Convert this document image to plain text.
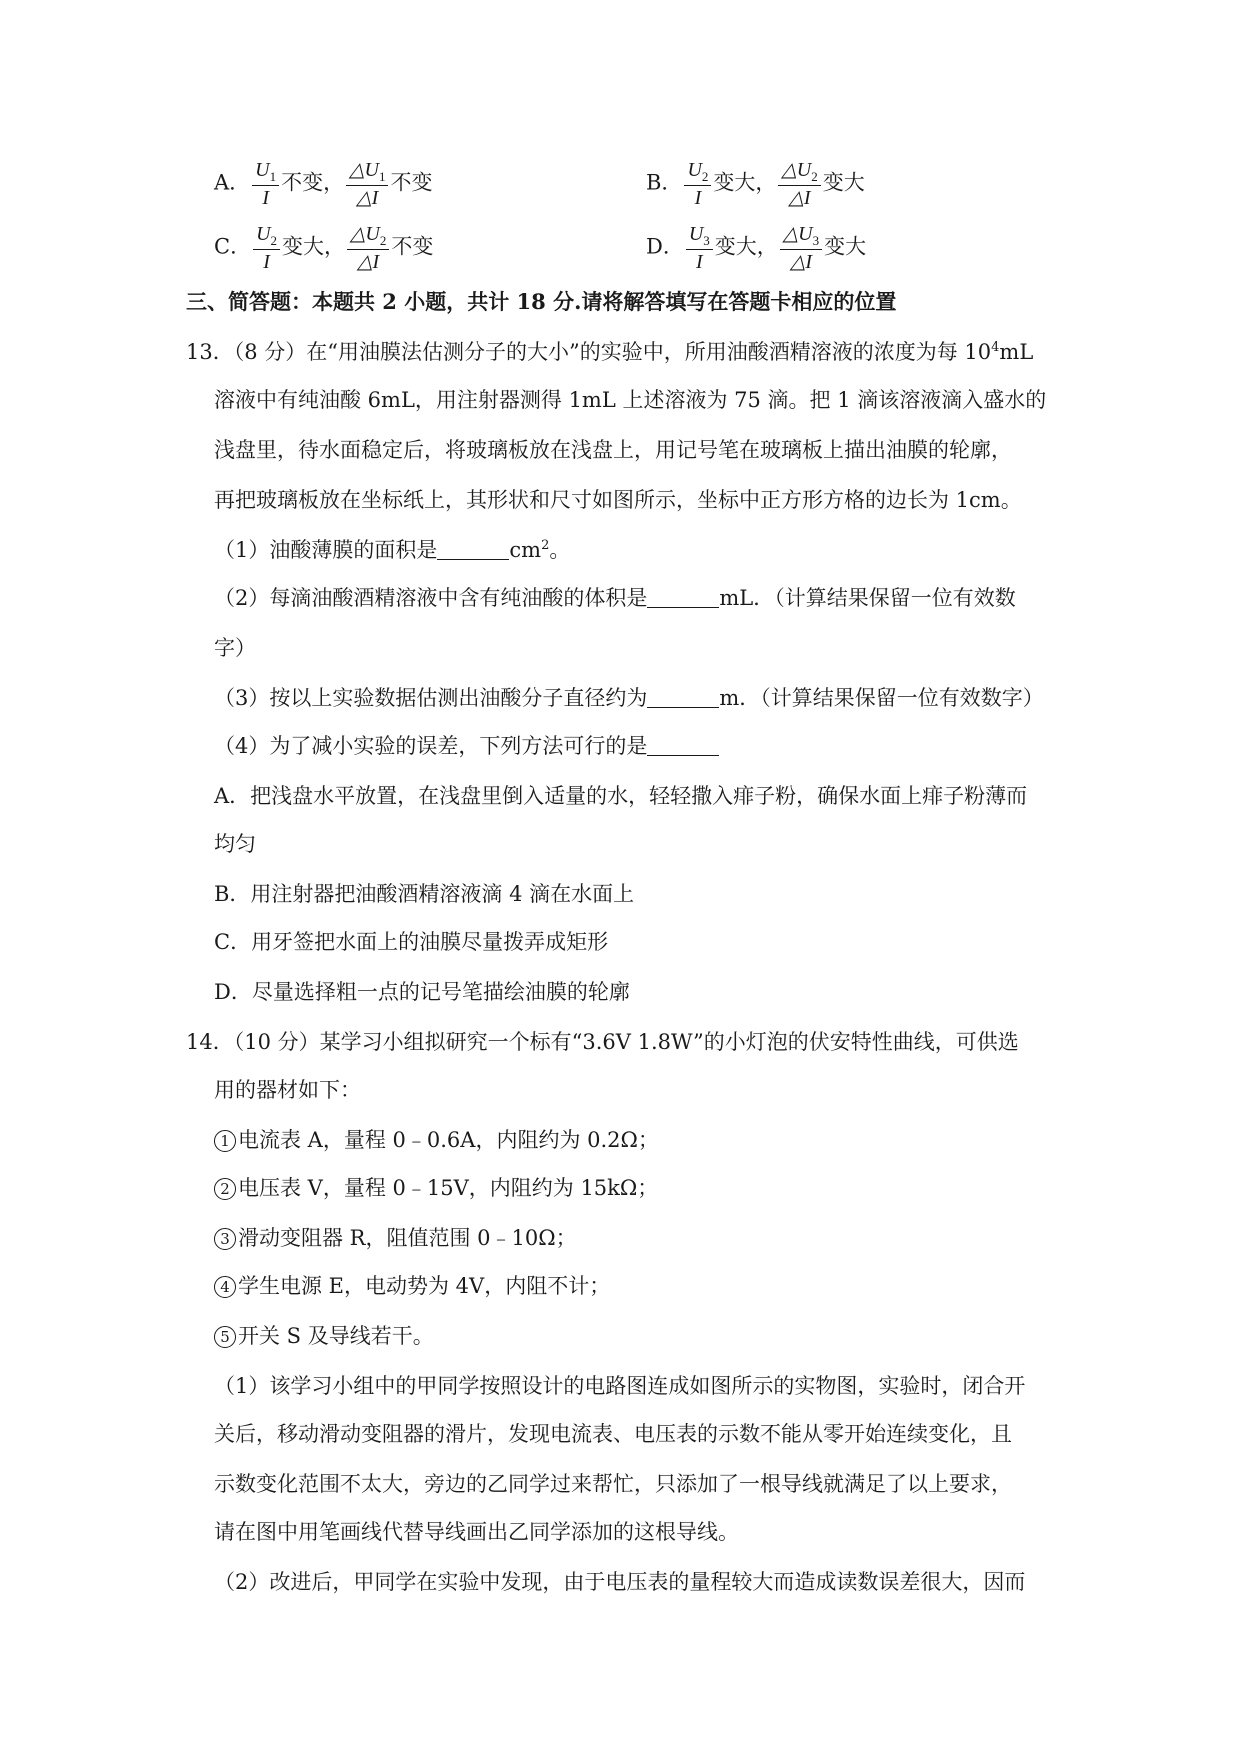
A． $\frac{U_1}{I}$ 不变， $\frac{\triangle U_1}{\triangle I}$ 不变	B． $\frac{U_2}{I}$ 变大， $\frac{\triangle U_2}{\triangle I}$ 变大
C． $\frac{U_2}{I}$ 变大， $\frac{\triangle U_2}{\triangle I}$ 不变	D． $\frac{U_3}{I}$ 变大， $\frac{\triangle U_3}{\triangle I}$ 变大
三、简答题：本题共 2 小题，共计 18 分.请将解答填写在答题卡相应的位置
13．（8 分）在“用油膜法估测分子的大小”的实验中，所用油酸酒精溶液的浓度为每 $10^4mL$
溶液中有纯油酸 6mL，用注射器测得 1mL 上述溶液为 75 滴。把 1 滴该溶液滴入盛水的
浅盘里，待水面稳定后，将玻璃板放在浅盘上，用记号笔在玻璃板上描出油膜的轮廓，
再把玻璃板放在坐标纸上，其形状和尺寸如图所示，坐标中正方形方格的边长为 1cm。
（1）油酸薄膜的面积是	$cm^2$。
（2）每滴油酸酒精溶液中含有纯油酸的体积是	mL．（计算结果保留一位有效数
字）
（3）按以上实验数据估测出油酸分子直径约为	m．（计算结果保留一位有效数字）
（4）为了减小实验的误差，下列方法可行的是
A．把浅盘水平放置，在浅盘里倒入适量的水，轻轻撒入痱子粉，确保水面上痱子粉薄而
均匀
B．用注射器把油酸酒精溶液滴 4 滴在水面上
C．用牙签把水面上的油膜尽量拨弄成矩形
D．尽量选择粗一点的记号笔描绘油膜的轮廓
14．（10 分）某学习小组拟研究一个标有“3.6V 1.8W”的小灯泡的伏安特性曲线，可供选
用的器材如下：
1 电流表 A，量程 0﹣0.6A，内阻约为 0.2Ω；
2 电压表 V，量程 0﹣15V，内阻约为 15kΩ；
3 滑动变阻器 R，阻值范围 0﹣10Ω；
4 学生电源 E，电动势为 4V，内阻不计；
5 开关 S 及导线若干。
（1）该学习小组中的甲同学按照设计的电路图连成如图所示的实物图，实验时，闭合开
关后，移动滑动变阻器的滑片，发现电流表、电压表的示数不能从零开始连续变化，且
示数变化范围不太大，旁边的乙同学过来帮忙，只添加了一根导线就满足了以上要求，
请在图中用笔画线代替导线画出乙同学添加的这根导线。
（2）改进后，甲同学在实验中发现，由于电压表的量程较大而造成读数误差很大，因而
